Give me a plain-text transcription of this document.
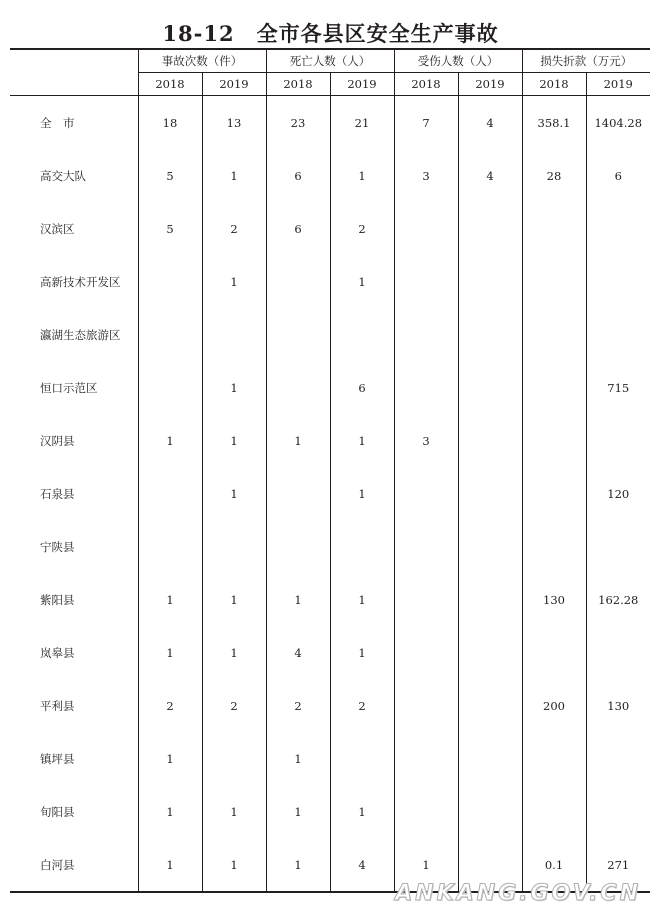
18-12 全市各县区安全生产事故
	事故次数（件）		死亡人数（人）		受伤人数（人）		损失折款（万元）	
	2018	2019	2018	2019	2018	2019	2018	2019
全　市	18	13	23	21	7	4	358.1	1404.28
高交大队	5	1	6	1	3	4	28	6
汉滨区	5	2	6	2				
高新技术开发区		1		1				
瀛湖生态旅游区								
恒口示范区		1		6				715
汉阴县	1	1	1	1	3			
石泉县		1		1				120
宁陕县								
紫阳县	1	1	1	1			130	162.28
岚皋县	1	1	4	1				
平利县	2	2	2	2			200	130
镇坪县	1		1					
旬阳县	1	1	1	1				
白河县	1	1	1	4	1		0.1	271
ANKANG.GOV.CN
